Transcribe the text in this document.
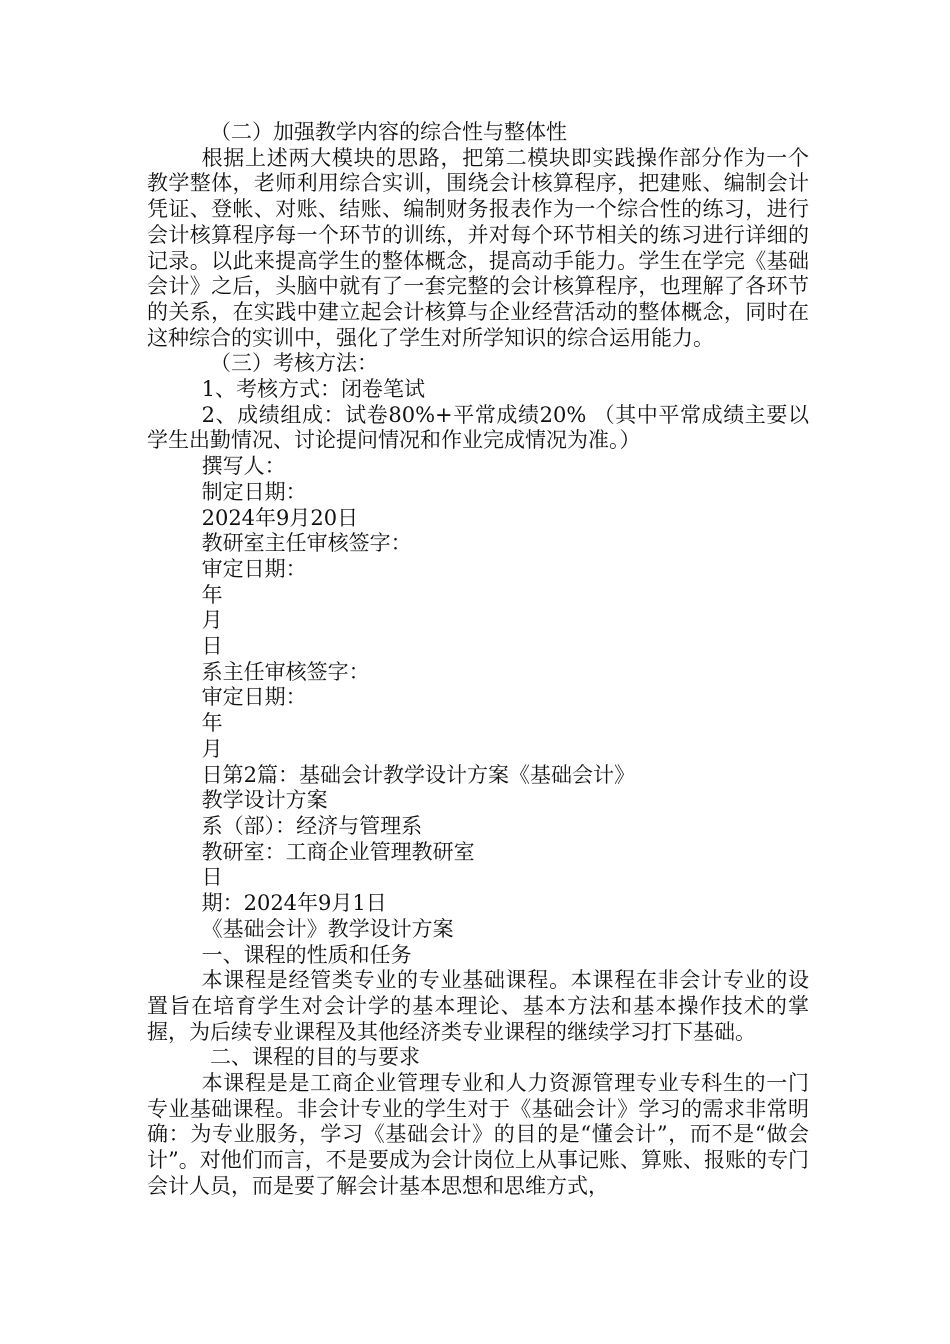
（二）加强教学内容的综合性与整体性

根据上述两大模块的思路，把第二模块即实践操作部分作为一个教学整体，老师利用综合实训，围绕会计核算程序，把建账、编制会计凭证、登帐、对账、结账、编制财务报表作为一个综合性的练习，进行会计核算程序每一个环节的训练，并对每个环节相关的练习进行详细的记录。以此来提高学生的整体概念，提高动手能力。学生在学完《基础会计》之后，头脑中就有了一套完整的会计核算程序，也理解了各环节的关系，在实践中建立起会计核算与企业经营活动的整体概念，同时在这种综合的实训中，强化了学生对所学知识的综合运用能力。

（三）考核方法：

1、考核方式：闭卷笔试

2、成绩组成：试卷80%+平常成绩20% （其中平常成绩主要以学生出勤情况、讨论提问情况和作业完成情况为准。）

撰写人：

制定日期：

2024年9月20日

教研室主任审核签字：

审定日期：

年

月

日

系主任审核签字：

审定日期：

年

月

日第2篇：基础会计教学设计方案《基础会计》

教学设计方案

系（部）：经济与管理系

教研室：工商企业管理教研室

日

期：2024年9月1日

《基础会计》教学设计方案

一、课程的性质和任务

本课程是经管类专业的专业基础课程。本课程在非会计专业的设置旨在培育学生对会计学的基本理论、基本方法和基本操作技术的掌握，为后续专业课程及其他经济类专业课程的继续学习打下基础。

二、课程的目的与要求

本课程是是工商企业管理专业和人力资源管理专业专科生的一门专业基础课程。非会计专业的学生对于《基础会计》学习的需求非常明确：为专业服务，学习《基础会计》的目的是“懂会计”，而不是“做会计”。对他们而言，不是要成为会计岗位上从事记账、算账、报账的专门会计人员，而是要了解会计基本思想和思维方式，
